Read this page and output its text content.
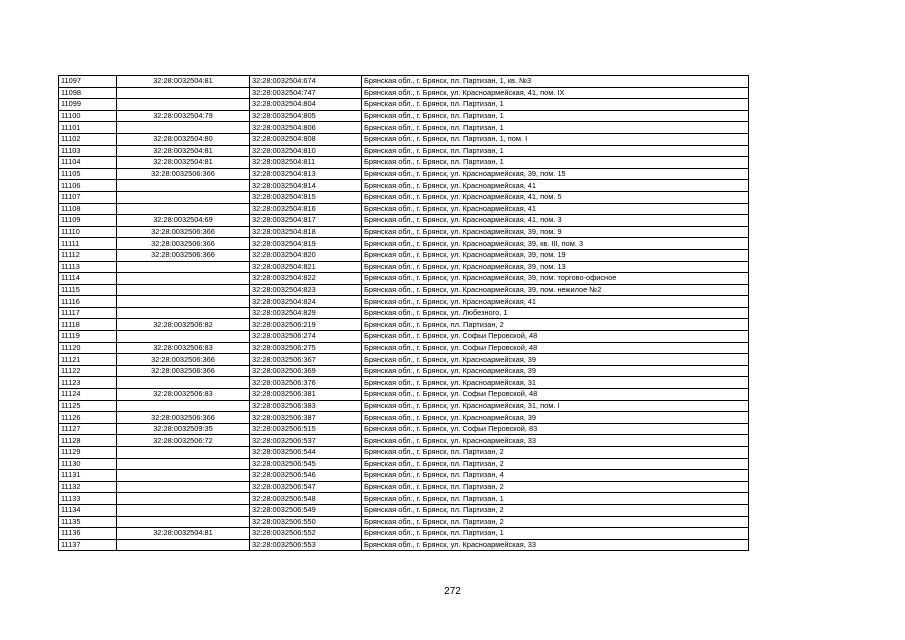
11097	32:28:0032504:81	32:28:0032504:674	Брянская обл., г. Брянск, пл. Партизан, 1, кв. №3
11098		32:28:0032504:747	Брянская обл., г. Брянск, ул. Красноармейская, 41, пом. IX
11099		32:28:0032504:804	Брянская обл., г. Брянск, пл. Партизан, 1
11100	32:28:0032504:79	32:28:0032504:805	Брянская обл., г. Брянск, пл. Партизан, 1
11101		32:28:0032504:806	Брянская обл., г. Брянск, пл. Партизан, 1
11102	32:28:0032504:80	32:28:0032504:808	Брянская обл., г. Брянск, пл. Партизан, 1, пом. I
11103	32:28:0032504:81	32:28:0032504:810	Брянская обл., г. Брянск, пл. Партизан, 1
11104	32:28:0032504:81	32:28:0032504:811	Брянская обл., г. Брянск, пл. Партизан, 1
11105	32:28:0032506:366	32:28:0032504:813	Брянская обл., г. Брянск, ул. Красноармейская, 39, пом. 15
11106		32:28:0032504:814	Брянская обл., г. Брянск, ул. Красноармейская, 41
11107		32:28:0032504:815	Брянская обл., г. Брянск, ул. Красноармейская, 41, пом. 5
11108		32:28:0032504:816	Брянская обл., г. Брянск, ул. Красноармейская, 41
11109	32:28:0032504:69	32:28:0032504:817	Брянская обл., г. Брянск, ул. Красноармейская, 41, пом. 3
11110	32:28:0032506:366	32:28:0032504:818	Брянская обл., г. Брянск, ул. Красноармейская, 39, пом. 9
11111	32:28:0032506:366	32:28:0032504:819	Брянская обл., г. Брянск, ул. Красноармейская, 39, кв. III, пом. 3
11112	32:28:0032506:366	32:28:0032504:820	Брянская обл., г. Брянск, ул. Красноармейская, 39, пом. 19
11113		32:28:0032504:821	Брянская обл., г. Брянск, ул. Красноармейская, 39, пом. 13
11114		32:28:0032504:822	Брянская обл., г. Брянск, ул. Красноармейская, 39, пом. торгово-офисное
11115		32:28:0032504:823	Брянская обл., г. Брянск, ул. Красноармейская, 39, пом. нежилое №2
11116		32:28:0032504:824	Брянская обл., г. Брянск, ул. Красноармейская, 41
11117		32:28:0032504:829	Брянская обл., г. Брянск, ул. Любезного, 1
11118	32:28:0032506:82	32:28:0032506:219	Брянская обл., г. Брянск, пл. Партизан, 2
11119		32:28:0032506:274	Брянская обл., г. Брянск, ул. Софьи Перовской, 48
11120	32:28:0032506:83	32:28:0032506:275	Брянская обл., г. Брянск, ул. Софьи Перовской, 48
11121	32:28:0032506:366	32:28:0032506:367	Брянская обл., г. Брянск, ул. Красноармейская, 39
11122	32:28:0032506:366	32:28:0032506:369	Брянская обл., г. Брянск, ул. Красноармейская, 39
11123		32:28:0032506:376	Брянская обл., г. Брянск, ул. Красноармейская, 31
11124	32:28:0032506:83	32:28:0032506:381	Брянская обл., г. Брянск, ул. Софьи Перовской, 48
11125		32:28:0032506:383	Брянская обл., г. Брянск, ул. Красноармейская, 31, пом. I
11126	32:28:0032506:366	32:28:0032506:387	Брянская обл., г. Брянск, ул. Красноармейская, 39
11127	32:28:0032509:35	32:28:0032506:515	Брянская обл., г. Брянск, ул. Софьи Перовской, 83
11128	32:28:0032506:72	32:28:0032506:537	Брянская обл., г. Брянск, ул. Красноармейская, 33
11129		32:28:0032506:544	Брянская обл., г. Брянск, пл. Партизан, 2
11130		32:28:0032506:545	Брянская обл., г. Брянск, пл. Партизан, 2
11131		32:28:0032506:546	Брянская обл., г. Брянск, пл. Партизан, 4
11132		32:28:0032506:547	Брянская обл., г. Брянск, пл. Партизан, 2
11133		32:28:0032506:548	Брянская обл., г. Брянск, пл. Партизан, 1
11134		32:28:0032506:549	Брянская обл., г. Брянск, пл. Партизан, 2
11135		32:28:0032506:550	Брянская обл., г. Брянск, пл. Партизан, 2
11136	32:28:0032504:81	32:28:0032506:552	Брянская обл., г. Брянск, пл. Партизан, 1
11137		32:28:0032506:553	Брянская обл., г. Брянск, ул. Красноармейская, 33
272
